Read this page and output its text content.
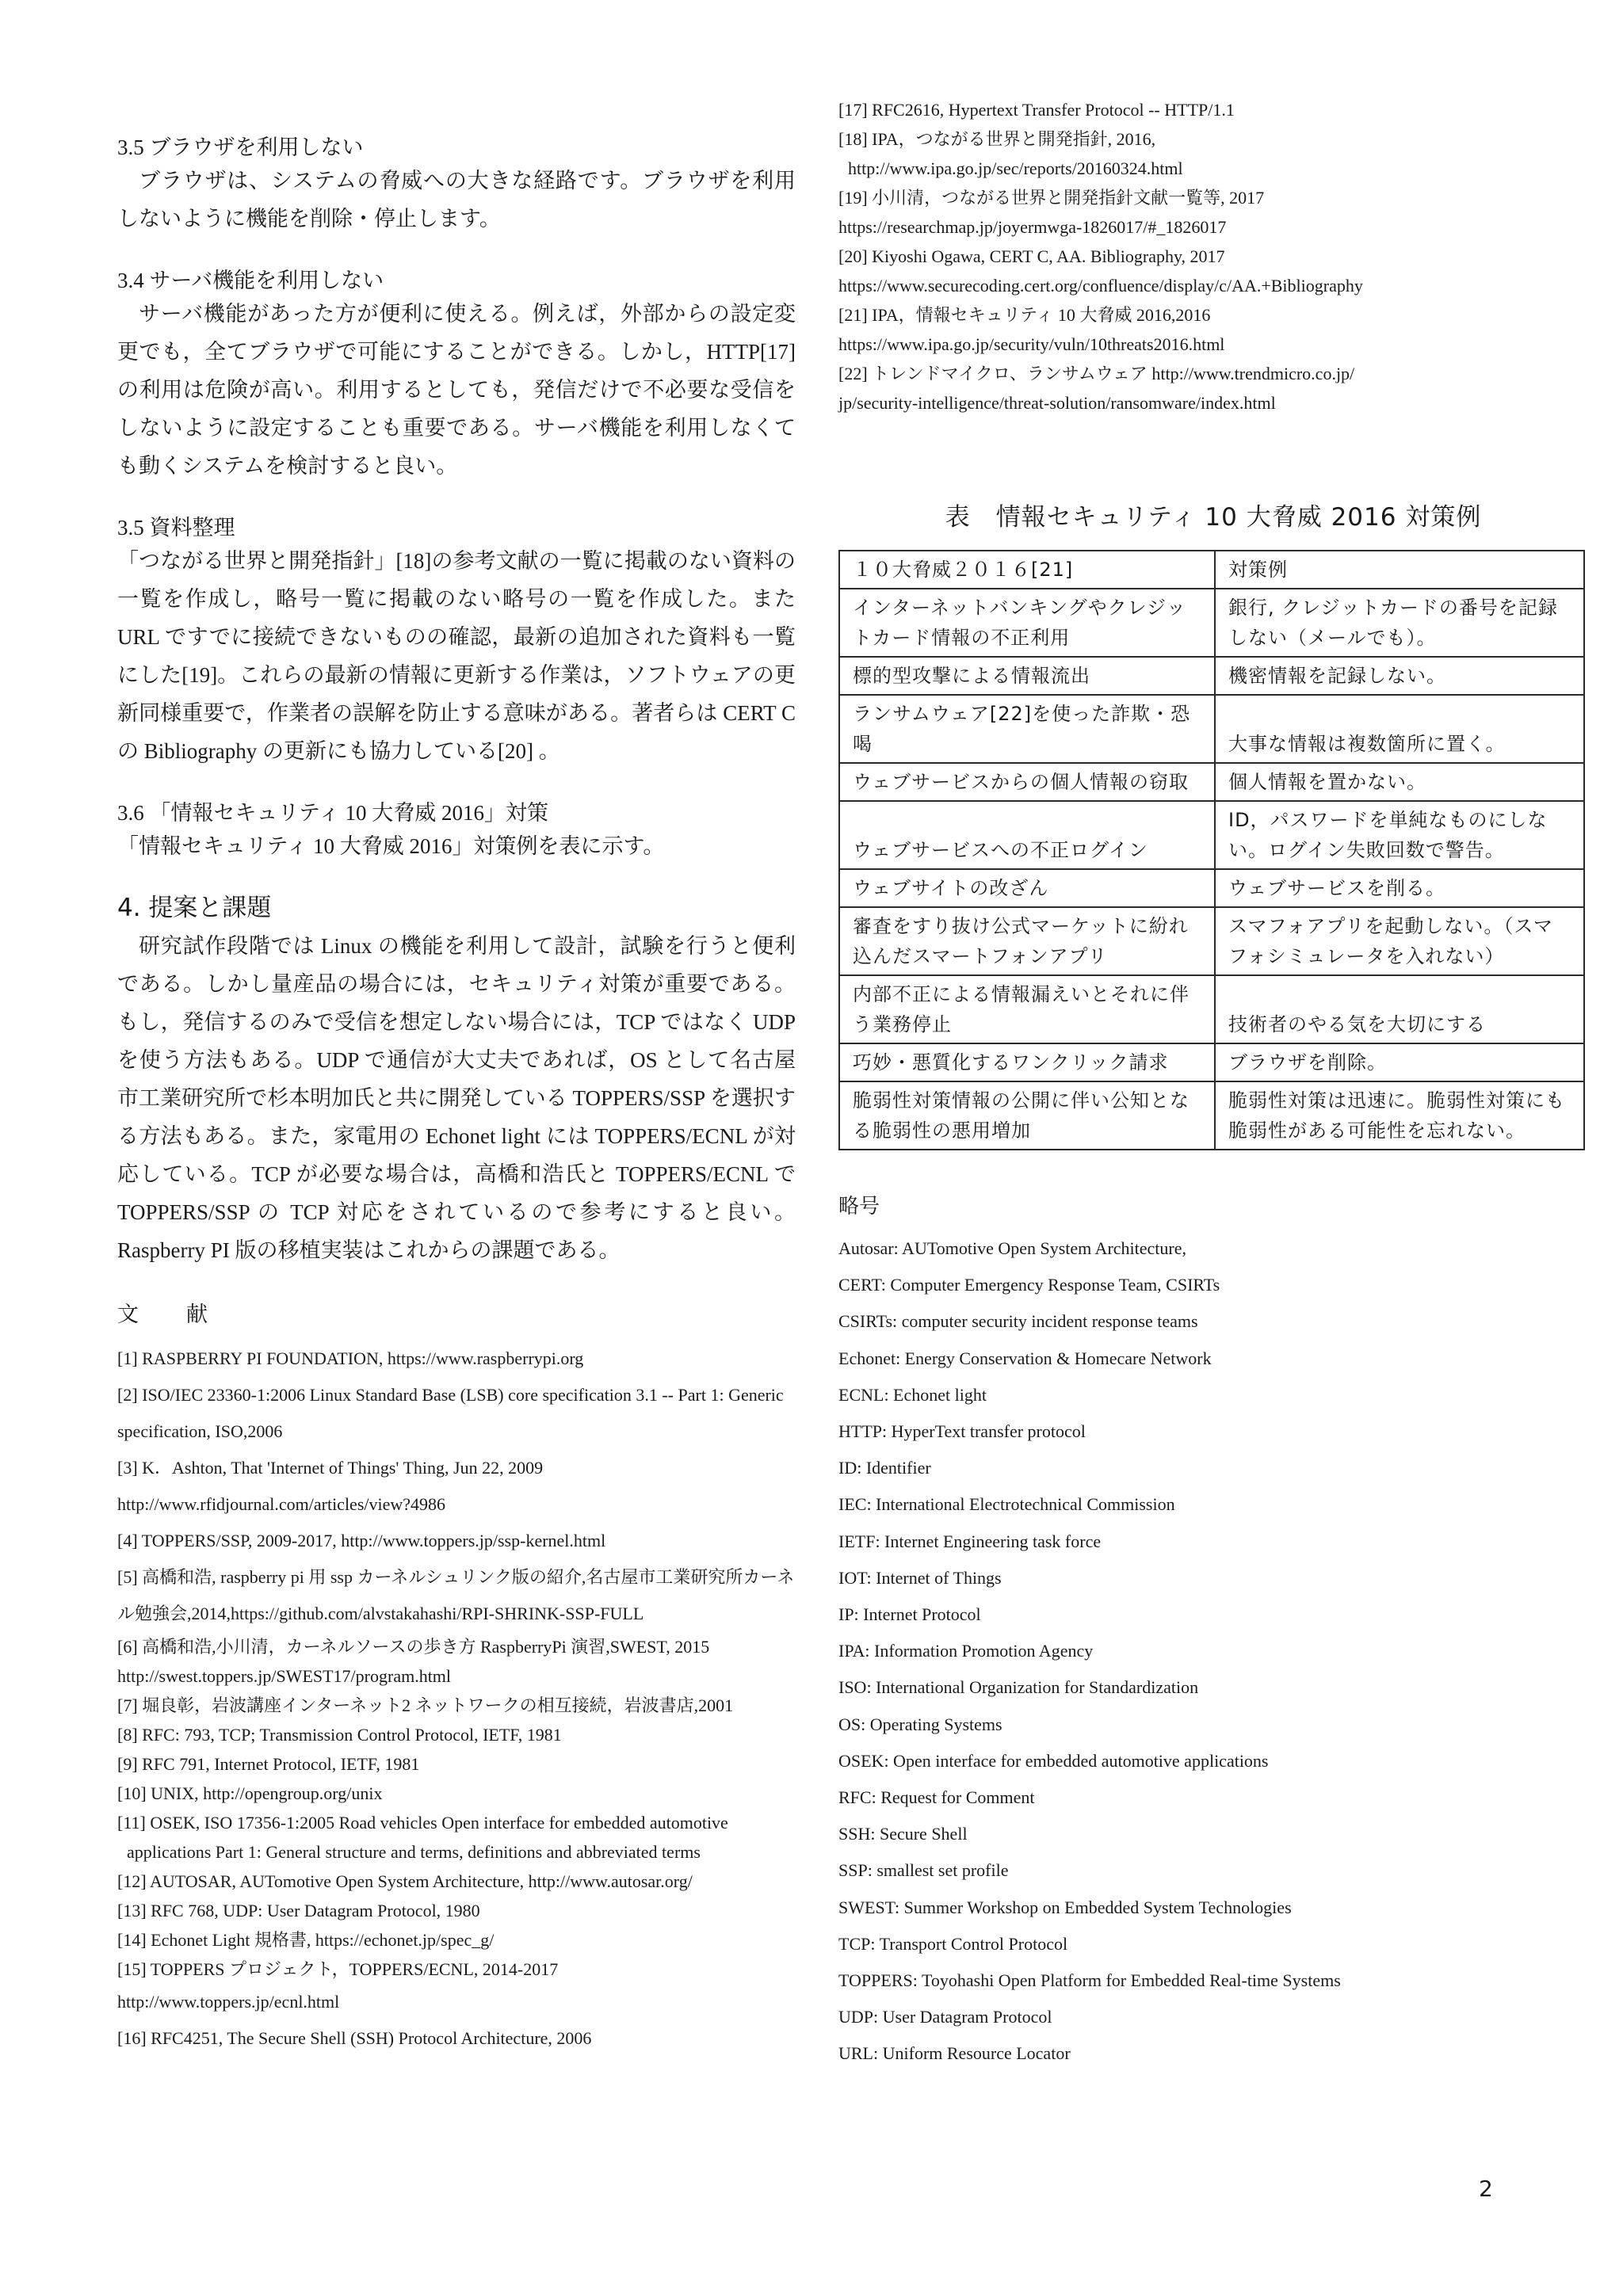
3.5 ブラウザを利用しない

ブラウザは、システムの脅威への大きな経路です。ブラウザを利用しないように機能を削除・停止します。

3.4 サーバ機能を利用しない

サーバ機能があった方が便利に使える。例えば，外部からの設定変更でも，全てブラウザで可能にすることができる。しかし，HTTP[17]の利用は危険が高い。利用するとしても，発信だけで不必要な受信をしないように設定することも重要である。サーバ機能を利用しなくても動くシステムを検討すると良い。

3.5 資料整理

「つながる世界と開発指針」[18]の参考文献の一覧に掲載のない資料の一覧を作成し，略号一覧に掲載のない略号の一覧を作成した。また URL ですでに接続できないものの確認，最新の追加された資料も一覧にした[19]。これらの最新の情報に更新する作業は，ソフトウェアの更新同様重要で，作業者の誤解を防止する意味がある。著者らは CERT C の Bibliography の更新にも協力している[20] 。

3.6 「情報セキュリティ 10 大脅威 2016」対策

「情報セキュリティ 10 大脅威 2016」対策例を表に示す。

4. 提案と課題

研究試作段階では Linux の機能を利用して設計，試験を行うと便利である。しかし量産品の場合には，セキュリティ対策が重要である。もし，発信するのみで受信を想定しない場合には，TCP ではなく UDP を使う方法もある。UDP で通信が大丈夫であれば，OS として名古屋市工業研究所で杉本明加氏と共に開発している TOPPERS/SSP を選択する方法もある。また，家電用の Echonet light には TOPPERS/ECNL が対応している。TCP が必要な場合は，高橋和浩氏と TOPPERS/ECNL で TOPPERS/SSP の TCP 対応をされているので参考にすると良い。Raspberry PI 版の移植実装はこれからの課題である。

文献

[1] RASPBERRY PI FOUNDATION, https://www.raspberrypi.org

[2] ISO/IEC 23360-1:2006 Linux Standard Base (LSB) core specification 3.1 -- Part 1: Generic specification, ISO,2006

[3] K．Ashton, That 'Internet of Things' Thing, Jun 22, 2009

http://www.rfidjournal.com/articles/view?4986

[4] TOPPERS/SSP, 2009-2017, http://www.toppers.jp/ssp-kernel.html

[5] 高橋和浩, raspberry pi 用 ssp カーネルシュリンク版の紹介,名古屋市工業研究所カーネル勉強会,2014,https://github.com/alvstakahashi/RPI-SHRINK-SSP-FULL

[6] 高橋和浩,小川清，カーネルソースの歩き方 RaspberryPi 演習,SWEST, 2015

http://swest.toppers.jp/SWEST17/program.html

[7] 堀良彰，岩波講座インターネット2 ネットワークの相互接続，岩波書店,2001

[8] RFC: 793, TCP; Transmission Control Protocol, IETF, 1981

[9] RFC 791, Internet Protocol, IETF, 1981

[10] UNIX, http://opengroup.org/unix

[11] OSEK, ISO 17356-1:2005 Road vehicles Open interface for embedded automotive

applications Part 1: General structure and terms, definitions and abbreviated terms

[12] AUTOSAR, AUTomotive Open System Architecture, http://www.autosar.org/

[13] RFC 768, UDP: User Datagram Protocol, 1980

[14] Echonet Light 規格書, https://echonet.jp/spec_g/

[15] TOPPERS プロジェクト，TOPPERS/ECNL, 2014-2017

http://www.toppers.jp/ecnl.html

[16] RFC4251, The Secure Shell (SSH) Protocol Architecture, 2006

[17] RFC2616, Hypertext Transfer Protocol -- HTTP/1.1

[18] IPA，つながる世界と開発指針, 2016,

http://www.ipa.go.jp/sec/reports/20160324.html

[19] 小川清，つながる世界と開発指針文献一覧等, 2017

https://researchmap.jp/joyermwga-1826017/#_1826017

[20] Kiyoshi Ogawa, CERT C, AA. Bibliography, 2017

https://www.securecoding.cert.org/confluence/display/c/AA.+Bibliography

[21] IPA，情報セキュリティ 10 大脅威 2016,2016

https://www.ipa.go.jp/security/vuln/10threats2016.html

[22] トレンドマイクロ、ランサムウェア http://www.trendmicro.co.jp/

jp/security-intelligence/threat-solution/ransomware/index.html

表　情報セキュリティ 10 大脅威 2016 対策例

１０大脅威２０１６[21]	対策例
インターネットバンキングやクレジットカード情報の不正利用	銀行, クレジットカードの番号を記録しない（メールでも）。
標的型攻撃による情報流出	機密情報を記録しない。
ランサムウェア[22]を使った詐欺・恐喝	大事な情報は複数箇所に置く。
ウェブサービスからの個人情報の窃取	個人情報を置かない。
ウェブサービスへの不正ログイン	ID，パスワードを単純なものにしない。ログイン失敗回数で警告。
ウェブサイトの改ざん	ウェブサービスを削る。
審査をすり抜け公式マーケットに紛れ込んだスマートフォンアプリ	スマフォアプリを起動しない。（スマフォシミュレータを入れない）
内部不正による情報漏えいとそれに伴う業務停止	技術者のやる気を大切にする
巧妙・悪質化するワンクリック請求	ブラウザを削除。
脆弱性対策情報の公開に伴い公知となる脆弱性の悪用増加	脆弱性対策は迅速に。脆弱性対策にも脆弱性がある可能性を忘れない。

略号

Autosar: AUTomotive Open System Architecture,

CERT: Computer Emergency Response Team, CSIRTs

CSIRTs: computer security incident response teams

Echonet: Energy Conservation & Homecare Network

ECNL: Echonet light

HTTP: HyperText transfer protocol

ID: Identifier

IEC: International Electrotechnical Commission

IETF: Internet Engineering task force

IOT: Internet of Things

IP: Internet Protocol

IPA: Information Promotion Agency

ISO: International Organization for Standardization

OS: Operating Systems

OSEK: Open interface for embedded automotive applications

RFC: Request for Comment

SSH: Secure Shell

SSP: smallest set profile

SWEST: Summer Workshop on Embedded System Technologies

TCP: Transport Control Protocol

TOPPERS: Toyohashi Open Platform for Embedded Real-time Systems

UDP: User Datagram Protocol

URL: Uniform Resource Locator

2
